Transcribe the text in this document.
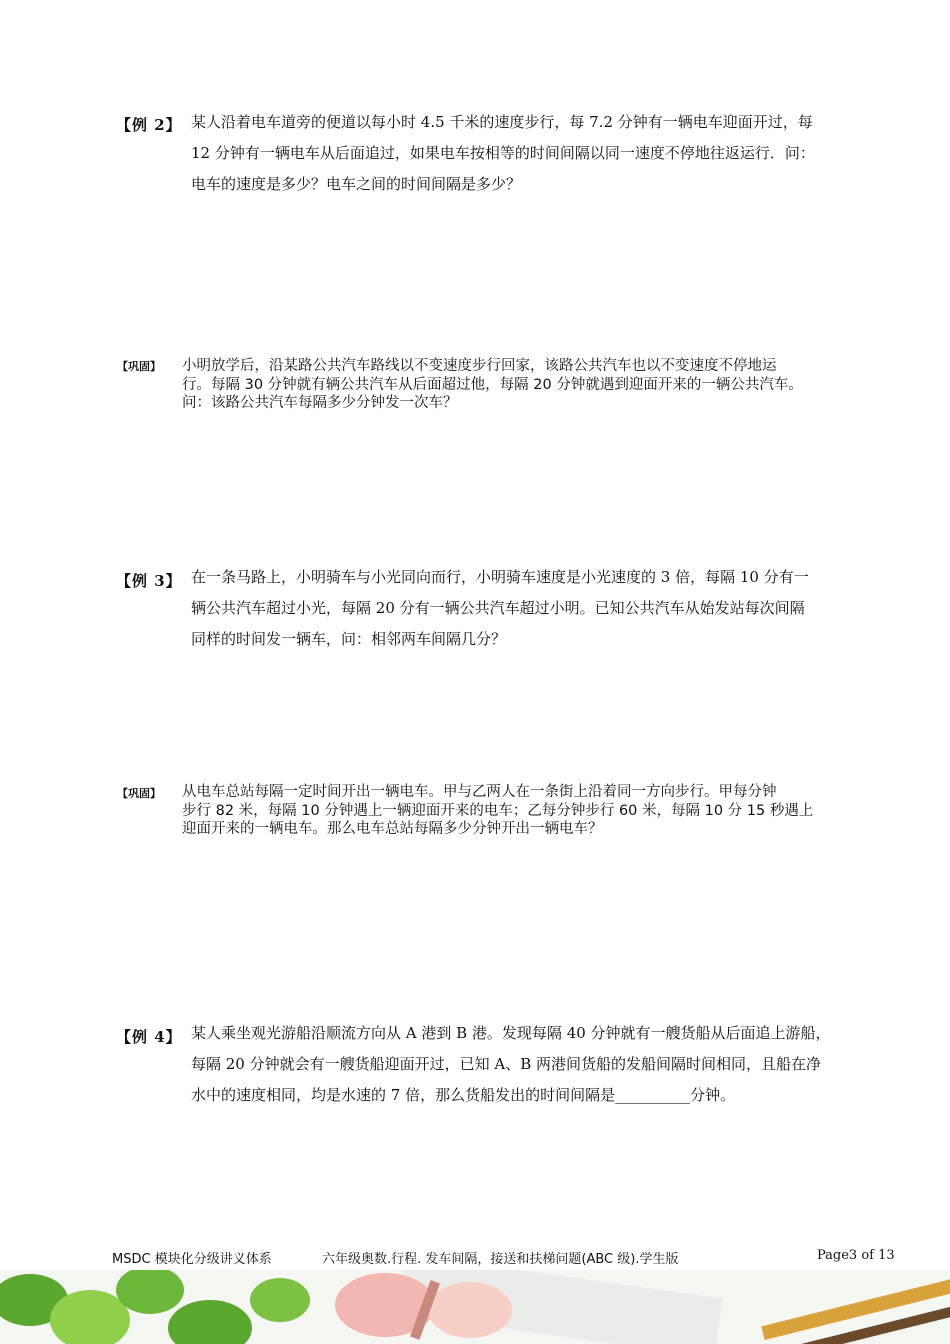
【例 2】 某人沿着电车道旁的便道以每小时 4.5 千米的速度步行，每 7.2 分钟有一辆电车迎面开过，每

12 分钟有一辆电车从后面追过，如果电车按相等的时间间隔以同一速度不停地往返运行．问：

电车的速度是多少？电车之间的时间间隔是多少？

【巩固】 小明放学后，沿某路公共汽车路线以不变速度步行回家，该路公共汽车也以不变速度不停地运

行。每隔 30 分钟就有辆公共汽车从后面超过他，每隔 20 分钟就遇到迎面开来的一辆公共汽车。

问：该路公共汽车每隔多少分钟发一次车？

【例 3】 在一条马路上，小明骑车与小光同向而行，小明骑车速度是小光速度的 3 倍，每隔 10 分有一

辆公共汽车超过小光，每隔 20 分有一辆公共汽车超过小明。已知公共汽车从始发站每次间隔

同样的时间发一辆车，问：相邻两车间隔几分？

【巩固】 从电车总站每隔一定时间开出一辆电车。甲与乙两人在一条街上沿着同一方向步行。甲每分钟

步行 82 米，每隔 10 分钟遇上一辆迎面开来的电车；乙每分钟步行 60 米，每隔 10 分 15 秒遇上

迎面开来的一辆电车。那么电车总站每隔多少分钟开出一辆电车？

【例 4】 某人乘坐观光游船沿顺流方向从 A 港到 B 港。发现每隔 40 分钟就有一艘货船从后面追上游船，

每隔 20 分钟就会有一艘货船迎面开过，已知 A、B 两港间货船的发船间隔时间相同，且船在净

水中的速度相同，均是水速的 7 倍，那么货船发出的时间间隔是__________分钟。

MSDC 模块化分级讲义体系	六年级奥数.行程. 发车间隔，接送和扶梯问题(ABC 级).学生版	Page3 of 13
